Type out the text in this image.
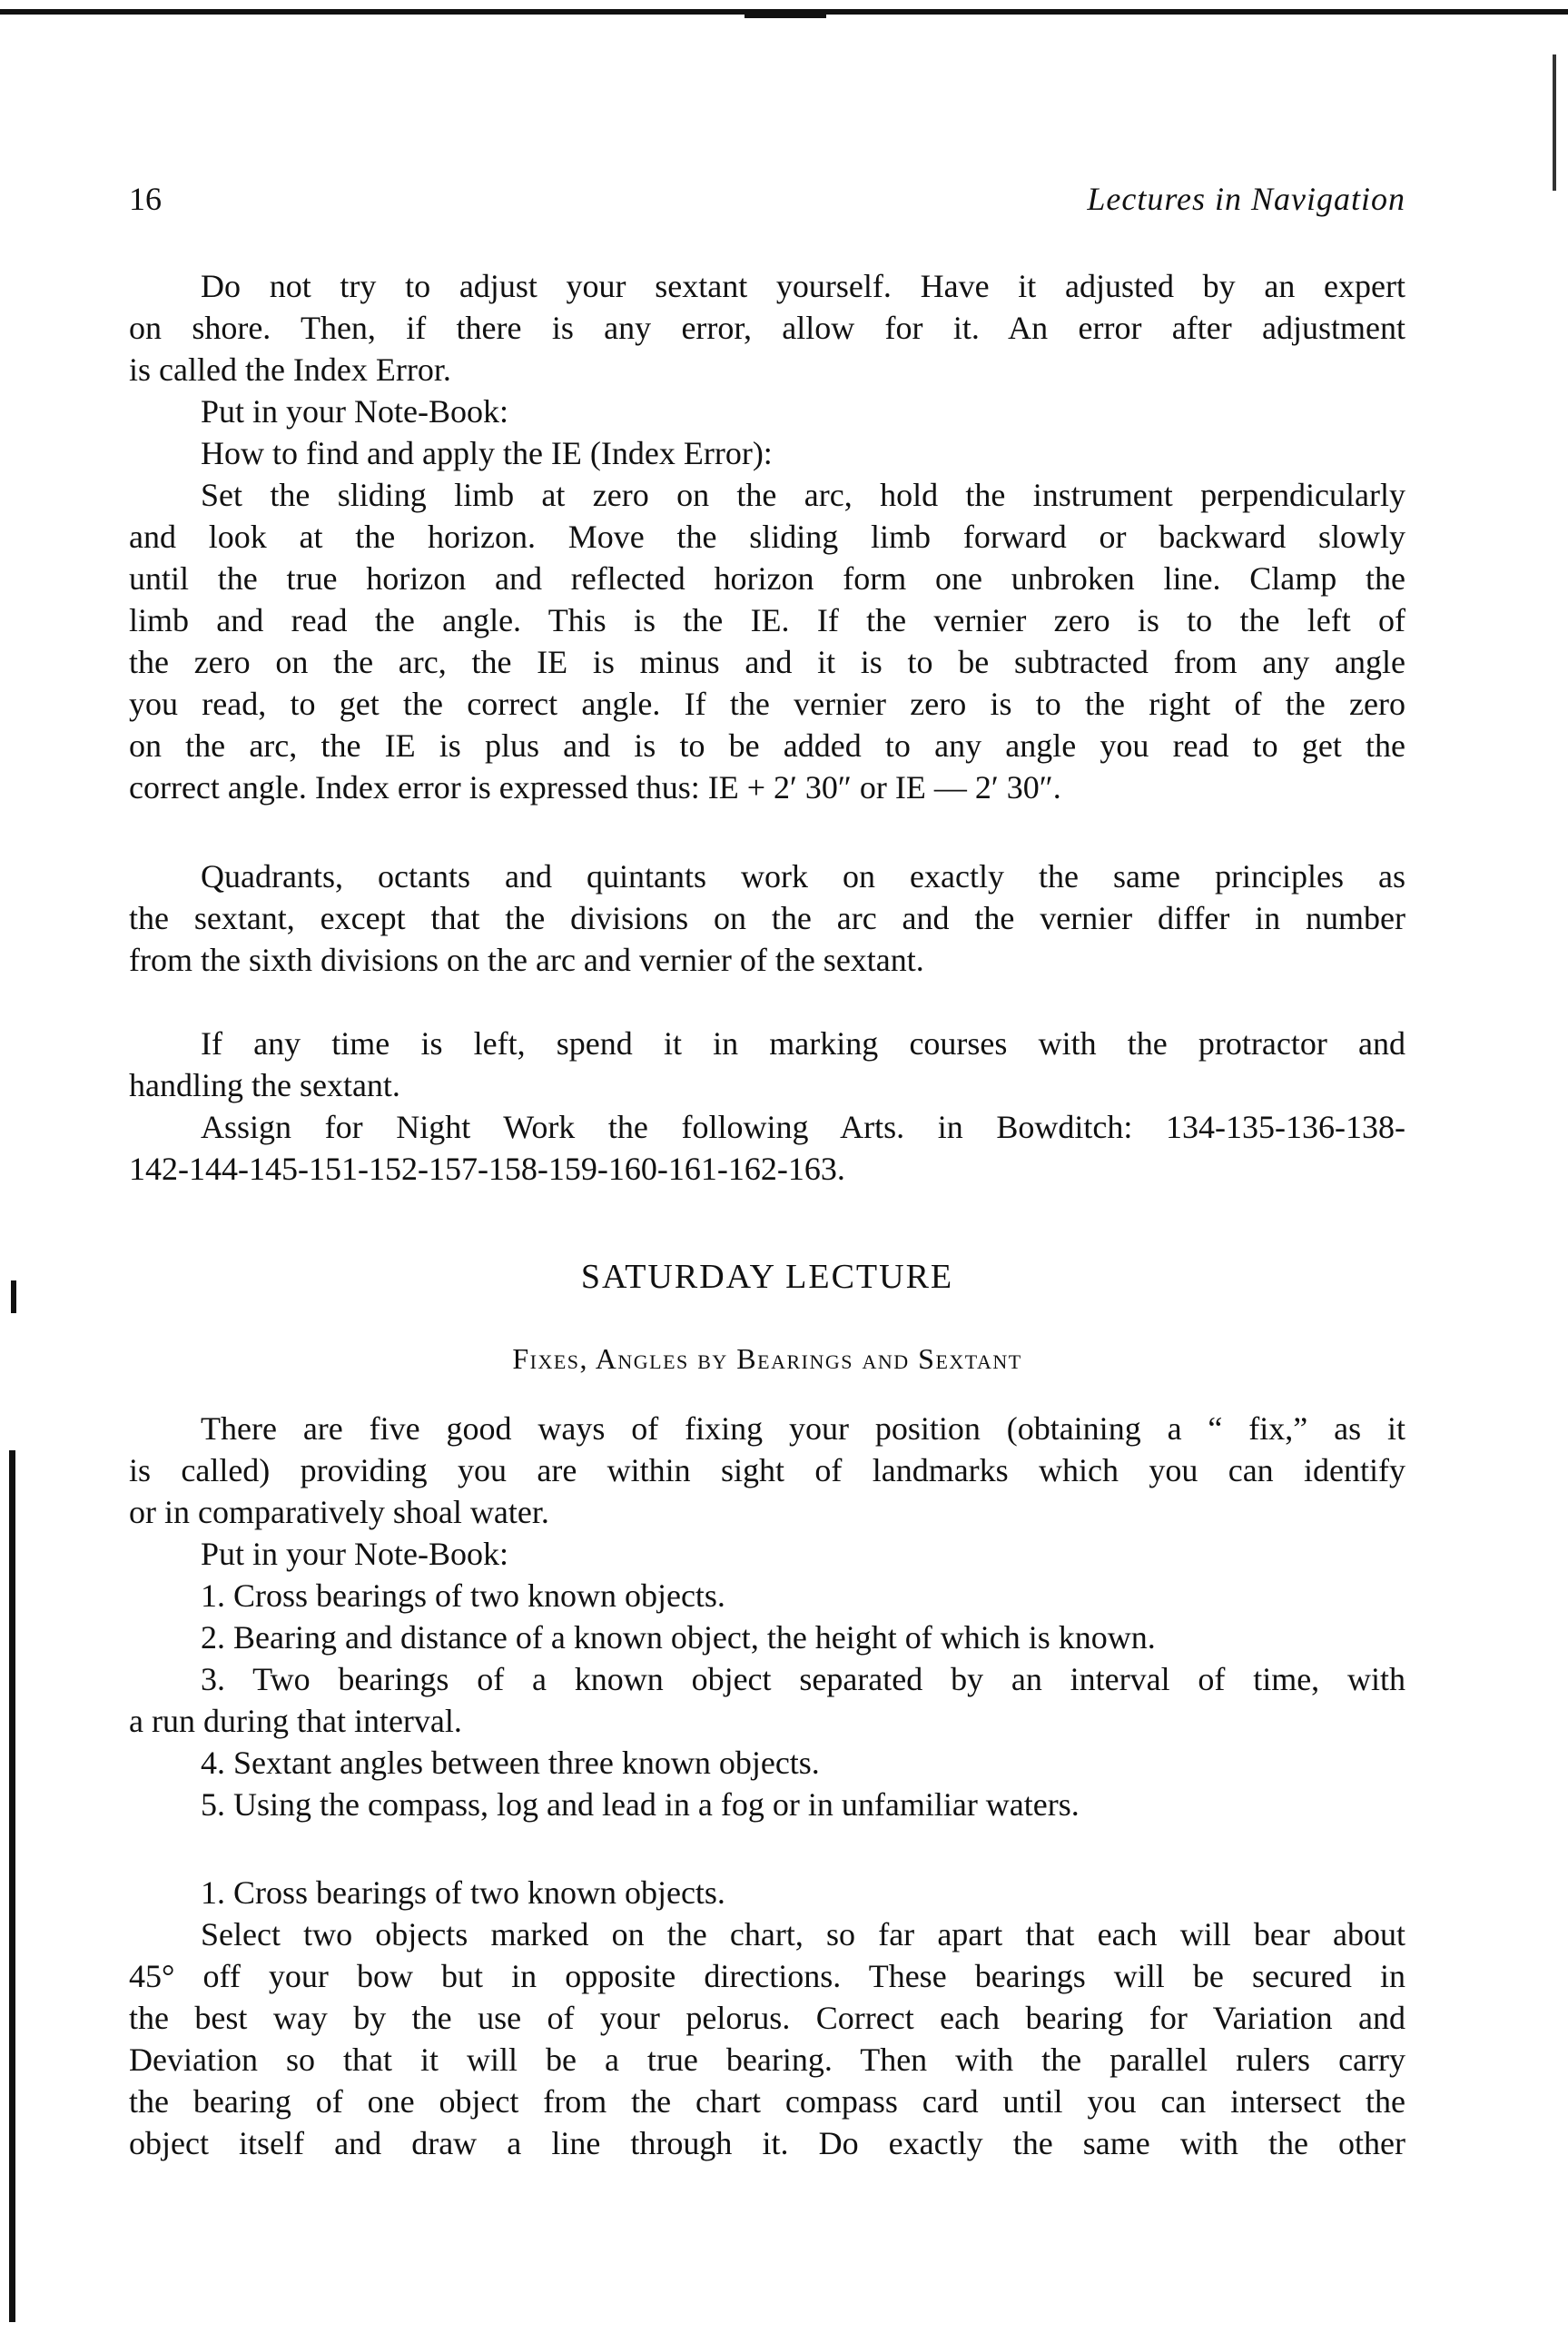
16	Lectures in Navigation
Do not try to adjust your sextant yourself. Have it adjusted by an expert
on shore. Then, if there is any error, allow for it. An error after adjustment
is called the Index Error.
Put in your Note-Book:
How to find and apply the IE (Index Error):
Set the sliding limb at zero on the arc, hold the instrument perpendicularly
and look at the horizon. Move the sliding limb forward or backward slowly
until the true horizon and reflected horizon form one unbroken line. Clamp the
limb and read the angle. This is the IE. If the vernier zero is to the left of
the zero on the arc, the IE is minus and it is to be subtracted from any angle
you read, to get the correct angle. If the vernier zero is to the right of the zero
on the arc, the IE is plus and is to be added to any angle you read to get the
correct angle. Index error is expressed thus: IE + 2′ 30″ or IE — 2′ 30″.
Quadrants, octants and quintants work on exactly the same principles as
the sextant, except that the divisions on the arc and the vernier differ in number
from the sixth divisions on the arc and vernier of the sextant.
If any time is left, spend it in marking courses with the protractor and
handling the sextant.
Assign for Night Work the following Arts. in Bowditch: 134-135-136-138-
142-144-145-151-152-157-158-159-160-161-162-163.
SATURDAY LECTURE
Fixes, Angles by Bearings and Sextant
There are five good ways of fixing your position (obtaining a “ fix,” as it
is called) providing you are within sight of landmarks which you can identify
or in comparatively shoal water.
Put in your Note-Book:
1. Cross bearings of two known objects.
2. Bearing and distance of a known object, the height of which is known.
3. Two bearings of a known object separated by an interval of time, with
a run during that interval.
4. Sextant angles between three known objects.
5. Using the compass, log and lead in a fog or in unfamiliar waters.
1. Cross bearings of two known objects.
Select two objects marked on the chart, so far apart that each will bear about
45° off your bow but in opposite directions. These bearings will be secured in
the best way by the use of your pelorus. Correct each bearing for Variation and
Deviation so that it will be a true bearing. Then with the parallel rulers carry
the bearing of one object from the chart compass card until you can intersect the
object itself and draw a line through it. Do exactly the same with the other
